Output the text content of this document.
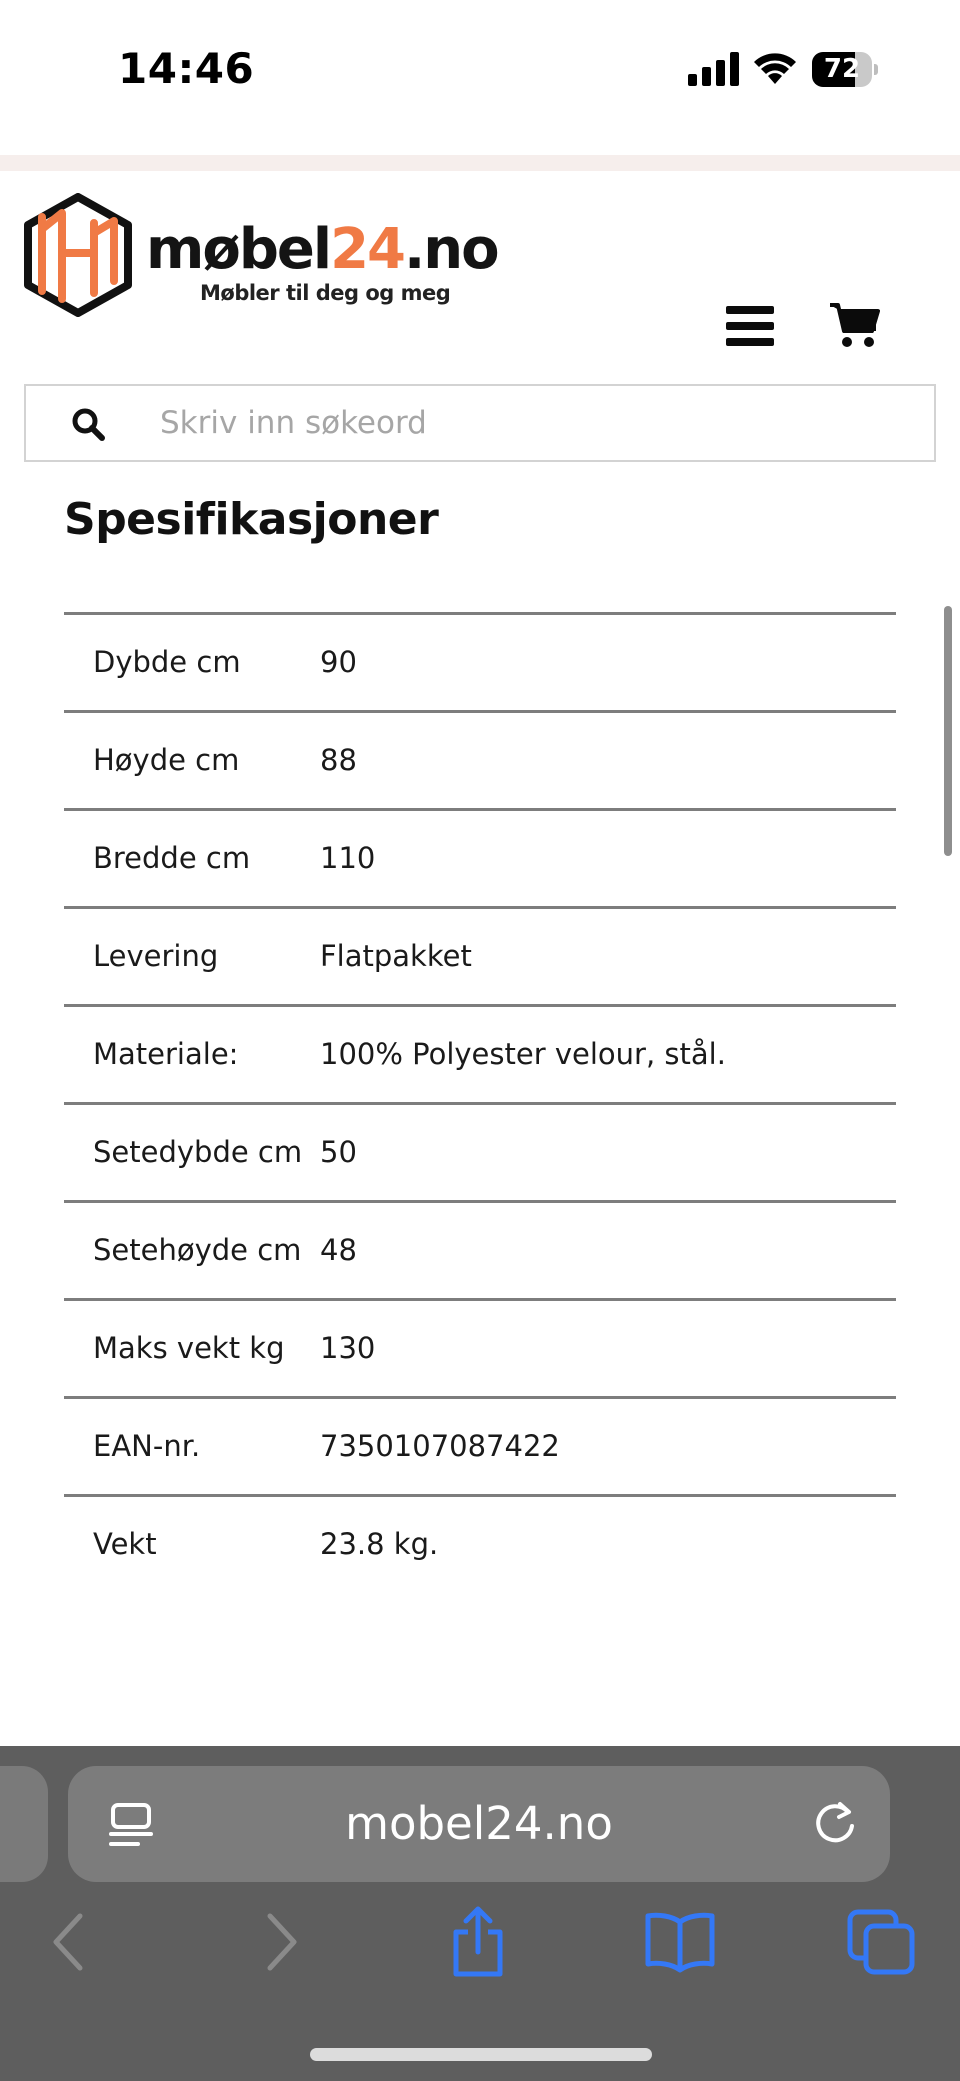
14:46	72
møbel24.no
Møbler til deg og meg
Skriv inn søkeord
Spesifikasjoner
Dybde cm	90
Høyde cm	88
Bredde cm	110
Levering	Flatpakket
Materiale:	100% Polyester velour, stål.
Setedybde cm	50
Setehøyde cm	48
Maks vekt kg	130
EAN-nr.	7350107087422
Vekt	23.8 kg.
mobel24.no
